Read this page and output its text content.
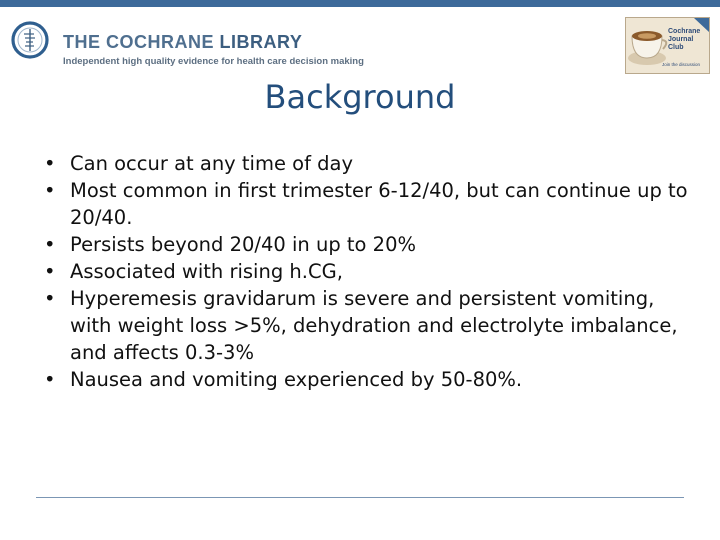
THE COCHRANE LIBRARY
Independent high quality evidence for health care decision making
Cochrane
Journal
Club
Join the discussion
Background
• Can occur at any time of day
• Most common in first trimester 6-12/40, but can continue up to 20/40.
• Persists beyond 20/40 in up to 20%
• Associated with rising h.CG,
• Hyperemesis gravidarum is severe and persistent vomiting, with weight loss >5%, dehydration and electrolyte imbalance, and affects 0.3-3%
• Nausea and vomiting experienced by 50-80%.
